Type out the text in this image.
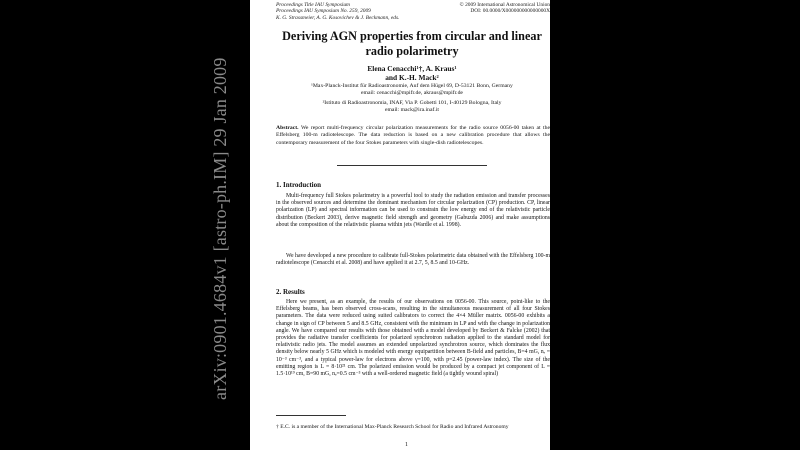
arXiv:0901.4684v1 [astro-ph.IM] 29 Jan 2009
Proceedings Title IAU Symposium
Proceedings IAU Symposium No. 259, 2009
K. G. Strassmeier, A. G. Kosovichev & J. Beckmann, eds.
© 2009 International Astronomical Union
DOI: 00.0000/X000000000000000X
Deriving AGN properties from circular and linear radio polarimetry
Elena Cenacchi¹†, A. Kraus¹
and K.-H. Mack²
¹Max-Planck-Institut für Radioastronomie, Auf dem Hügel 69, D-53121 Bonn, Germany
email: cenacchi@mpifr.de, akraus@mpifr.de
²Istituto di Radioastronomia, INAF, Via P. Gobetti 101, I-40129 Bologna, Italy
email: mack@ira.inaf.it
Abstract. We report multi-frequency circular polarization measurements for the radio source 0056-00 taken at the Effelsberg 100-m radiotelescope. The data reduction is based on a new calibration procedure that allows the contemporary measurement of the four Stokes parameters with single-dish radiotelescopes.
1. Introduction
Multi-frequency full Stokes polarimetry is a powerful tool to study the radiation emission and transfer processes in the observed sources and determine the dominant mechanism for circular polarization (CP) production. CP, linear polarization (LP) and spectral information can be used to constrain the low energy end of the relativistic particle distribution (Beckert 2003), derive magnetic field strength and geometry (Gabuzda 2006) and make assumptions about the composition of the relativistic plasma within jets (Wardle et al. 1998).
We have developed a new procedure to calibrate full-Stokes polarimetric data obtained with the Effelsberg 100-m radiotelescope (Cenacchi et al. 2008) and have applied it at 2.7, 5, 8.5 and 10-GHz.
2. Results
Here we present, as an example, the results of our observations on 0056-00. This source, point-like to the Effelsberg beams, has been observed cross-scans, resulting in the simultaneous measurement of all four Stokes parameters. The data were reduced using suited calibrators to correct the 4×4 Müller matrix. 0056-00 exhibits a change in sign of CP between 5 and 8.5 GHz, consistent with the minimum in LP and with the change in polarization angle. We have compared our results with those obtained with a model developed by Beckert & Falcke (2002) that provides the radiative transfer coefficients for polarized synchrotron radiation applied to the standard model for relativistic radio jets. The model assumes an extended unpolarized synchrotron source, which dominates the flux density below nearly 5 GHz which is modeled with energy equipartition between B-field and particles, B=4 mG, nₑ = 10⁻³ cm⁻³, and a typical power-law for electrons above γ=100, with p=2.45 (power-law index). The size of the emitting region is L = 8·10²¹ cm. The polarized emission would be produced by a compact jet component of L = 1.5·10¹⁹ cm, B=90 mG, nₑ=0.5 cm⁻³ with a well-ordered magnetic field (a tightly wound spiral)
† E.C. is a member of the International Max-Planck Research School for Radio and Infrared Astronomy
1
